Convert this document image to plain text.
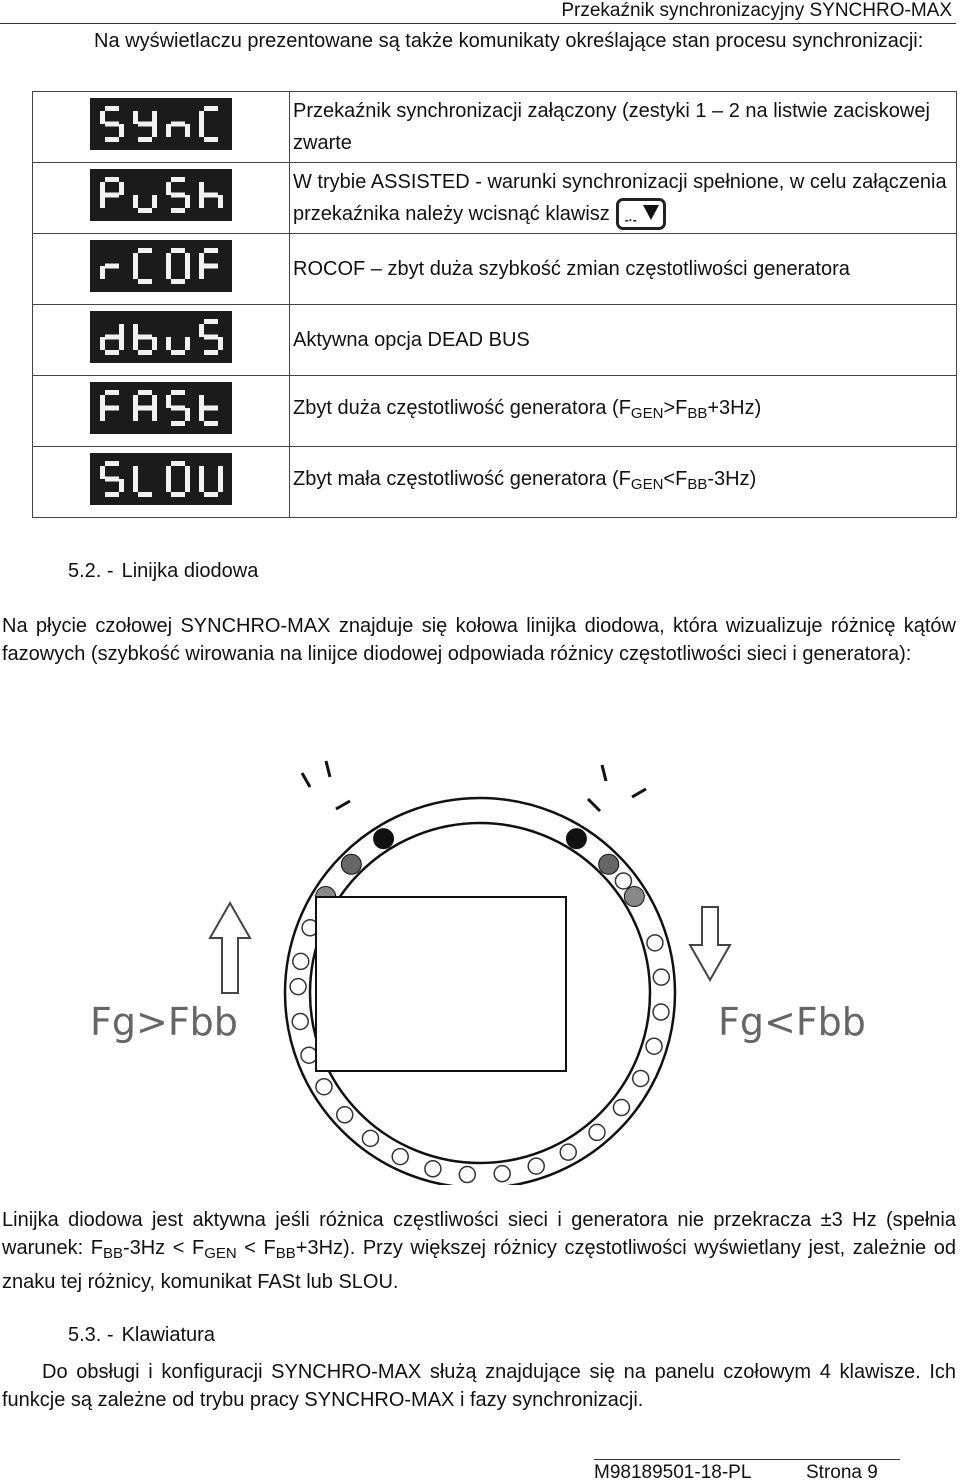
Przekaźnik synchronizacyjny SYNCHRO-MAX
Na wyświetlaczu prezentowane są także komunikaty określające stan procesu synchronizacji:
	Przekaźnik synchronizacji załączony (zestyki 1 – 2 na listwie zaciskowej zwarte

	W trybie ASSISTED - warunki synchronizacji spełnione, w celu załączenia przekaźnika należy wcisnąć klawisz -·-

	ROCOF – zbyt duża szybkość zmian częstotliwości generatora

	Aktywna opcja DEAD BUS

	Zbyt duża częstotliwość generatora $(F_{GEN}>F_{BB}+3Hz)$

	Zbyt mała częstotliwość generatora $(F_{GEN}<F_{BB}-3Hz)$
5.2. - Linijka diodowa
Na płycie czołowej SYNCHRO-MAX znajduje się kołowa linijka diodowa, która wizualizuje różnicę kątów fazowych (szybkość wirowania na linijce diodowej odpowiada różnicy częstotliwości sieci i generatora):
Fg>Fbb	Fg<Fbb
Linijka diodowa jest aktywna jeśli różnica częstliwości sieci i generatora nie przekracza ±3 Hz (spełnia warunek: $F_{BB}-3Hz < F_{GEN} < F_{BB}+3Hz$). Przy większej różnicy częstotliwości wyświetlany jest, zależnie od znaku tej różnicy, komunikat FASt lub SLOU.
5.3. - Klawiatura
Do obsługi i konfiguracji SYNCHRO-MAX służą znajdujące się na panelu czołowym 4 klawisze. Ich funkcje są zależne od trybu pracy SYNCHRO-MAX i fazy synchronizacji.
M98189501-18-PL	Strona 9
